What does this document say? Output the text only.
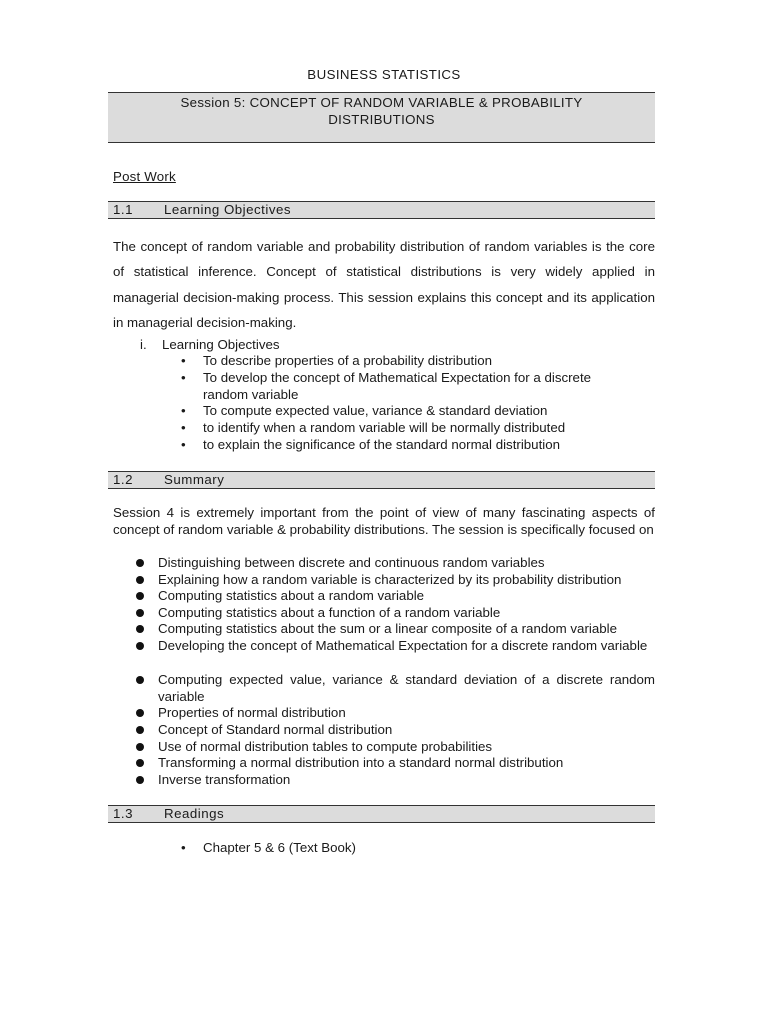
BUSINESS STATISTICS
Session 5: CONCEPT OF RANDOM VARIABLE & PROBABILITY
DISTRIBUTIONS
Post Work
1.1 Learning Objectives
The concept of random variable and probability distribution of random variables is the core of statistical inference. Concept of statistical distributions is very widely applied in managerial decision-making process. This session explains this concept and its application in managerial decision-making.
i. Learning Objectives
• To describe properties of a probability distribution
• To develop the concept of Mathematical Expectation for a discrete random variable
• To compute expected value, variance & standard deviation
• to identify when a random variable will be normally distributed
• to explain the significance of the standard normal distribution
1.2 Summary
Session 4 is extremely important from the point of view of many fascinating aspects of concept of random variable & probability distributions. The session is specifically focused on
Distinguishing between discrete and continuous random variables
Explaining how a random variable is characterized by its probability distribution
Computing statistics about a random variable
Computing statistics about a function of a random variable
Computing statistics about the sum or a linear composite of a random variable
Developing the concept of Mathematical Expectation for a discrete random variable
Computing expected value, variance & standard deviation of a discrete random variable
Properties of normal distribution
Concept of Standard normal distribution
Use of normal distribution tables to compute probabilities
Transforming a normal distribution into a standard normal distribution
Inverse transformation
1.3 Readings
• Chapter 5 & 6 (Text Book)
